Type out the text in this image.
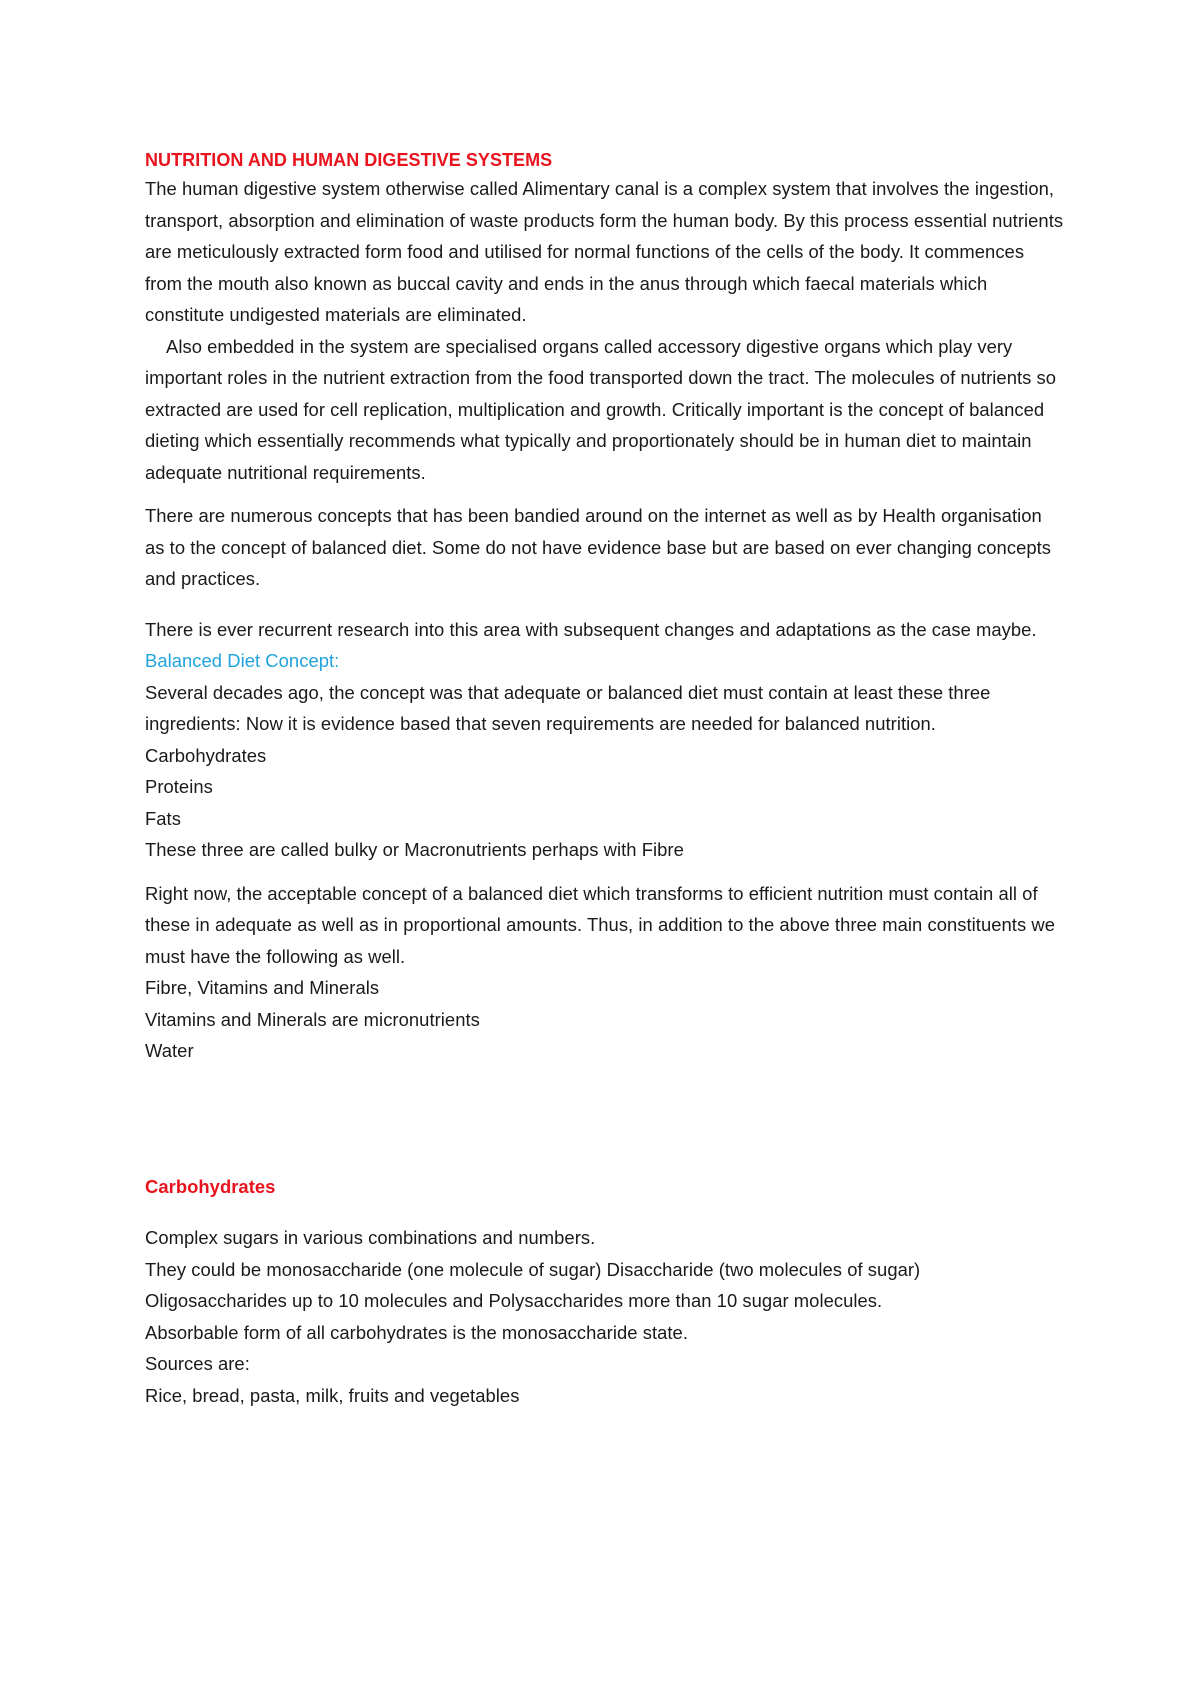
NUTRITION AND HUMAN DIGESTIVE SYSTEMS

The human digestive system otherwise called Alimentary canal is a complex system that involves the ingestion, transport, absorption and elimination of waste products form the human body. By this process essential nutrients are meticulously extracted form food and utilised for normal functions of the cells of the body. It commences from the mouth also known as buccal cavity and ends in the anus through which faecal materials which constitute undigested materials are eliminated.

Also embedded in the system are specialised organs called accessory digestive organs which play very important roles in the nutrient extraction from the food transported down the tract. The molecules of nutrients so extracted are used for cell replication, multiplication and growth. Critically important is the concept of balanced dieting which essentially recommends what typically and proportionately should be in human diet to maintain adequate nutritional requirements.

There are numerous concepts that has been bandied around on the internet as well as by Health organisation as to the concept of balanced diet. Some do not have evidence base but are based on ever changing concepts and practices.

There is ever recurrent research into this area with subsequent changes and adaptations as the case maybe.

Balanced Diet Concept:

Several decades ago, the concept was that adequate or balanced diet must contain at least these three ingredients: Now it is evidence based that seven requirements are needed for balanced nutrition.

Carbohydrates

Proteins

Fats

These three are called bulky or Macronutrients perhaps with Fibre

Right now, the acceptable concept of a balanced diet which transforms to efficient nutrition must contain all of these in adequate as well as in proportional amounts. Thus, in addition to the above three main constituents we must have the following as well.

Fibre, Vitamins and Minerals

Vitamins and Minerals are micronutrients

Water

Carbohydrates

Complex sugars in various combinations and numbers.

They could be monosaccharide (one molecule of sugar) Disaccharide (two molecules of sugar)

Oligosaccharides up to 10 molecules and Polysaccharides more than 10 sugar molecules.

Absorbable form of all carbohydrates is the monosaccharide state.

Sources are:

Rice, bread, pasta, milk, fruits and vegetables
